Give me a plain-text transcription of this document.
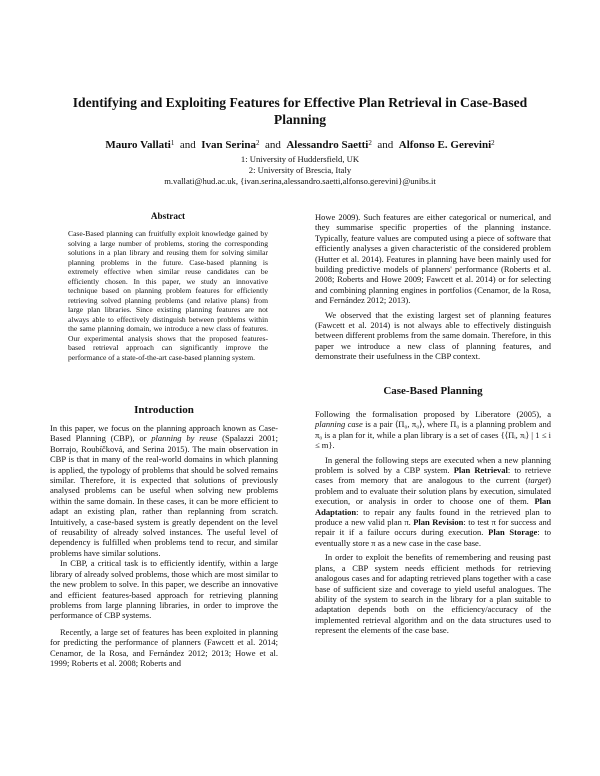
Identifying and Exploiting Features for Effective Plan Retrieval in Case-Based Planning
Mauro Vallati$^1$ and Ivan Serina$^2$ and Alessandro Saetti$^2$ and Alfonso E. Gerevini$^2$
1: University of Huddersfield, UK
2: University of Brescia, Italy
m.vallati@hud.ac.uk, {ivan.serina,alessandro.saetti,alfonso.gerevini}@unibs.it
Abstract
Case-Based planning can fruitfully exploit knowledge gained by solving a large number of problems, storing the corresponding solutions in a plan library and reusing them for solving similar planning problems in the future. Case-based planning is extremely effective when similar reuse candidates can be efficiently chosen. In this paper, we study an innovative technique based on planning problem features for efficiently retrieving solved planning problems (and relative plans) from large plan libraries. Since existing planning features are not always able to effectively distinguish between problems within the same planning domain, we introduce a new class of features. Our experimental analysis shows that the proposed features-based retrieval approach can significantly improve the performance of a state-of-the-art case-based planning system.
Introduction

In this paper, we focus on the planning approach known as Case-Based Planning (CBP), or planning by reuse (Spalazzi 2001; Borrajo, Roubíčková, and Serina 2015). The main observation in CBP is that in many of the real-world domains in which planning is applied, the typology of problems that should be solved remains similar. Therefore, it is expected that solutions of previously analysed problems can be useful when solving new problems within the same domain. In these cases, it can be more efficient to adapt an existing plan, rather than replanning from scratch. Intuitively, a case-based system is greatly dependent on the level of reusability of already solved instances. The useful level of dependency is fulfilled when problems tend to recur, and similar problems have similar solutions.

In CBP, a critical task is to efficiently identify, within a large library of already solved problems, those which are most similar to the new problem to solve. In this paper, we describe an innovative and efficient features-based approach for retrieving planning problems from large planning libraries, in order to improve the performance of CBP systems.

Recently, a large set of features has been exploited in planning for predicting the performance of planners (Fawcett et al. 2014; Cenamor, de la Rosa, and Fernández 2012; 2013; Howe et al. 1999; Roberts et al. 2008; Roberts and

Howe 2009). Such features are either categorical or numerical, and they summarise specific properties of the planning instance. Typically, feature values are computed using a piece of software that efficiently analyses a given characteristic of the considered problem (Hutter et al. 2014). Features in planning have been mainly used for building predictive models of planners' performance (Roberts et al. 2008; Roberts and Howe 2009; Fawcett et al. 2014) or for selecting and combining planning engines in portfolios (Cenamor, de la Rosa, and Fernández 2012; 2013).

We observed that the existing largest set of planning features (Fawcett et al. 2014) is not always able to effectively distinguish between different problems from the same domain. Therefore, in this paper we introduce a new class of planning features, and demonstrate their usefulness in the CBP context.

Case-Based Planning

Following the formalisation proposed by Liberatore (2005), a planning case is a pair ⟨Π₀, π₀⟩, where Π₀ is a planning problem and π₀ is a plan for it, while a plan library is a set of cases {⟨Πᵢ, πᵢ⟩ | 1 ≤ i ≤ m}.

In general the following steps are executed when a new planning problem is solved by a CBP system. Plan Retrieval: to retrieve cases from memory that are analogous to the current (target) problem and to evaluate their solution plans by execution, simulated execution, or analysis in order to choose one of them. Plan Adaptation: to repair any faults found in the retrieved plan to produce a new valid plan π. Plan Revision: to test π for success and repair it if a failure occurs during execution. Plan Storage: to eventually store π as a new case in the case base.

In order to exploit the benefits of remembering and reusing past plans, a CBP system needs efficient methods for retrieving analogous cases and for adapting retrieved plans together with a case base of sufficient size and coverage to yield useful analogues. The ability of the system to search in the library for a plan suitable to adaptation depends both on the efficiency/accuracy of the implemented retrieval algorithm and on the data structures used to represent the elements of the case base.
